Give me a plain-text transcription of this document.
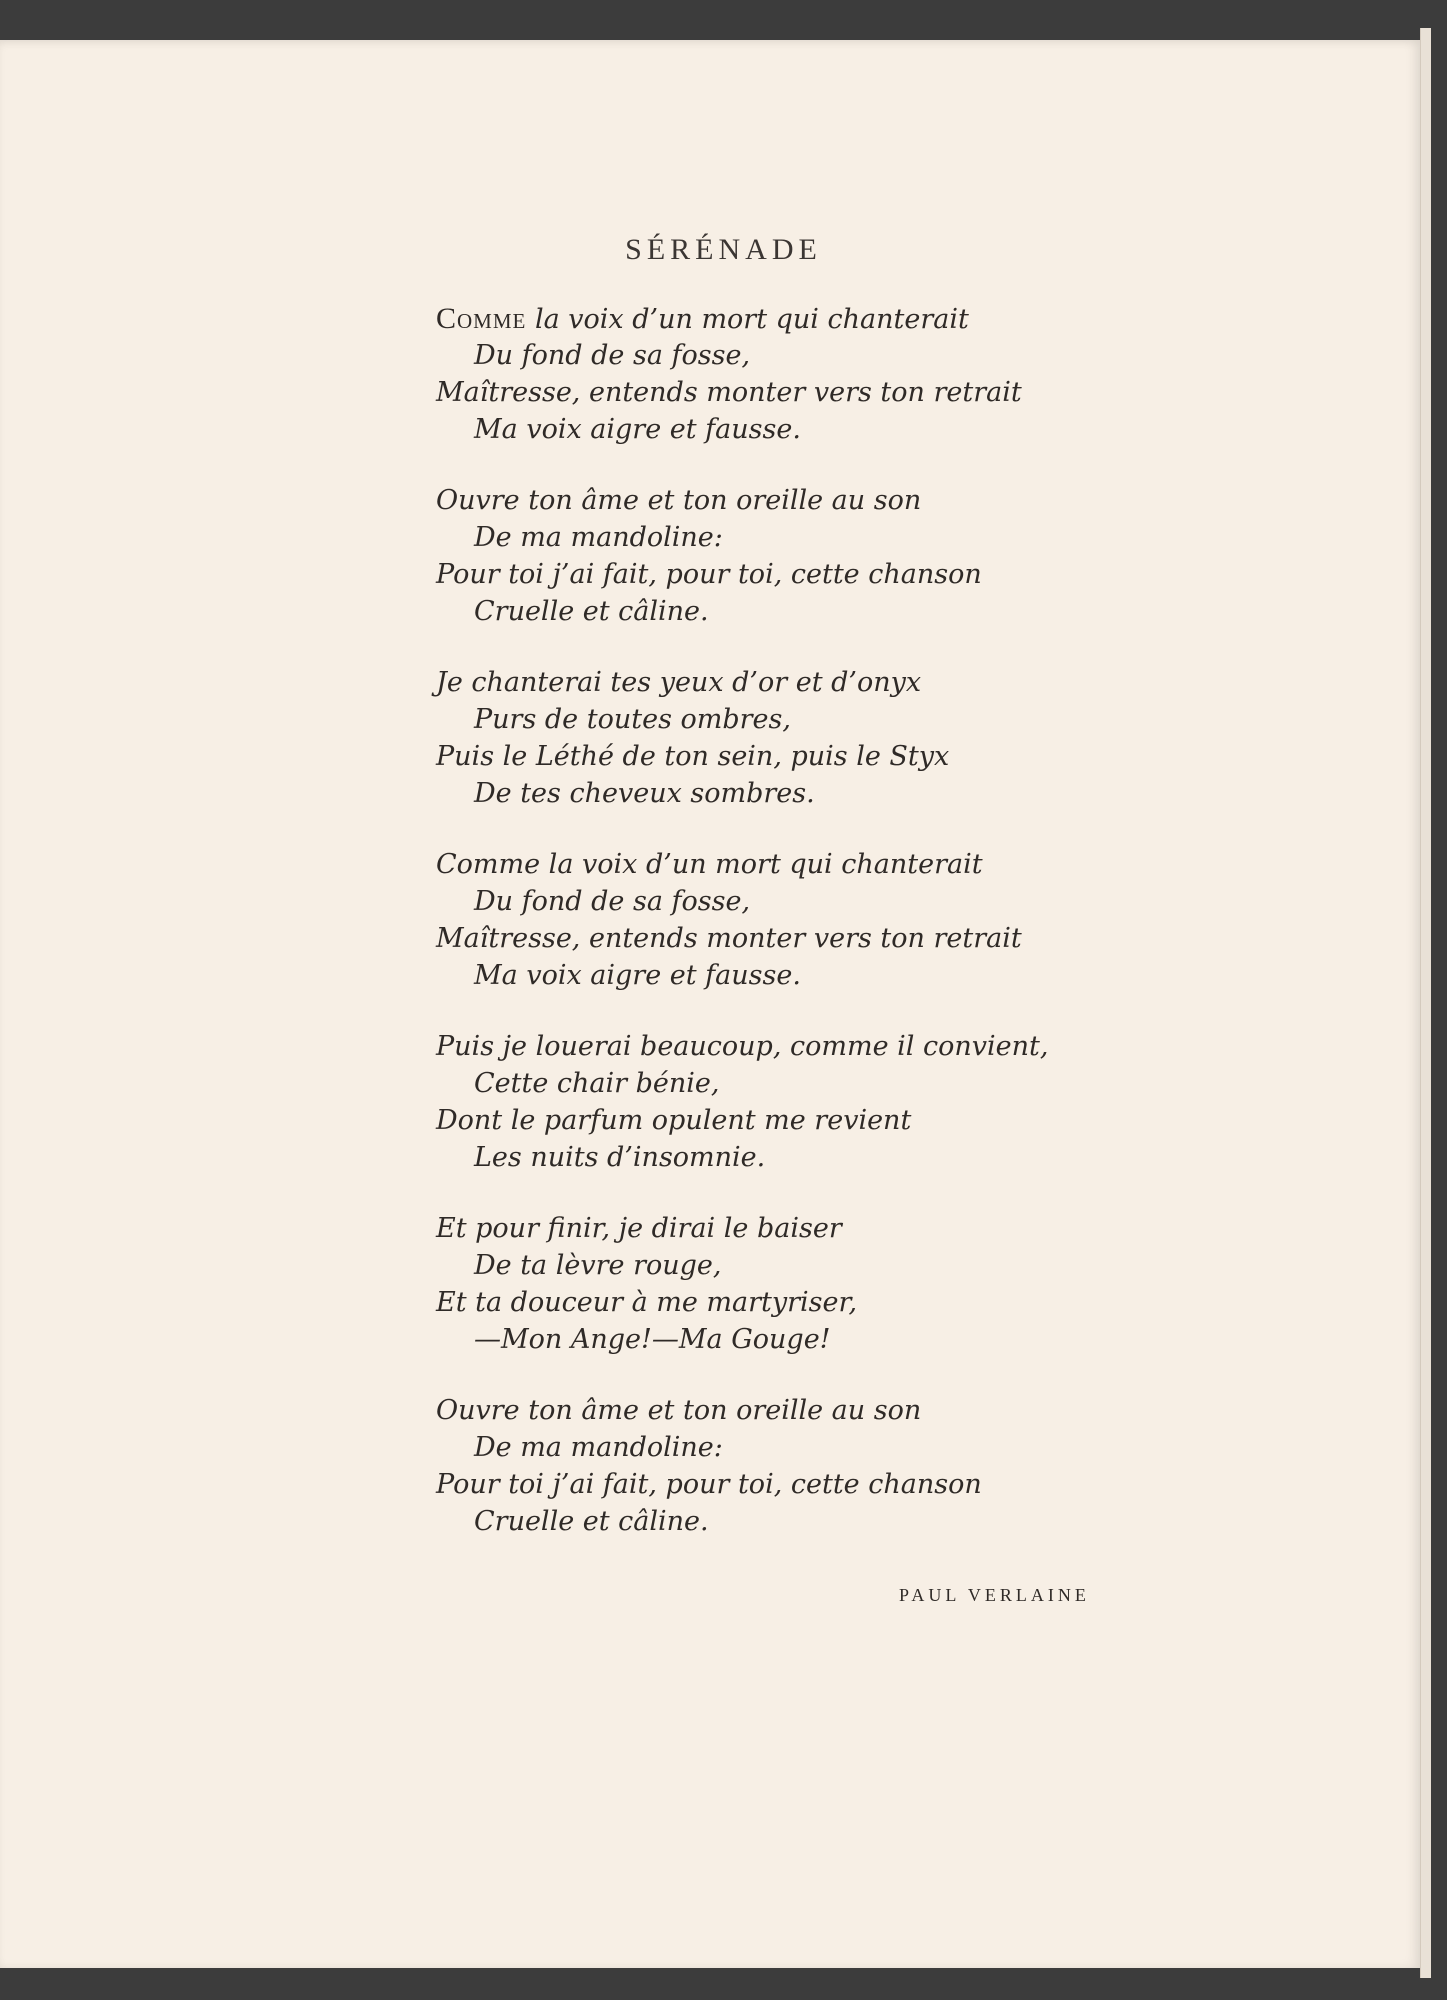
SÉRÉNADE
Comme la voix d’un mort qui chanterait
Du fond de sa fosse,
Maîtresse, entends monter vers ton retrait
Ma voix aigre et fausse.
Ouvre ton âme et ton oreille au son
De ma mandoline:
Pour toi j’ai fait, pour toi, cette chanson
Cruelle et câline.
Je chanterai tes yeux d’or et d’onyx
Purs de toutes ombres,
Puis le Léthé de ton sein, puis le Styx
De tes cheveux sombres.
Comme la voix d’un mort qui chanterait
Du fond de sa fosse,
Maîtresse, entends monter vers ton retrait
Ma voix aigre et fausse.
Puis je louerai beaucoup, comme il convient,
Cette chair bénie,
Dont le parfum opulent me revient
Les nuits d’insomnie.
Et pour finir, je dirai le baiser
De ta lèvre rouge,
Et ta douceur à me martyriser,
—Mon Ange!—Ma Gouge!
Ouvre ton âme et ton oreille au son
De ma mandoline:
Pour toi j’ai fait, pour toi, cette chanson
Cruelle et câline.
PAUL VERLAINE
